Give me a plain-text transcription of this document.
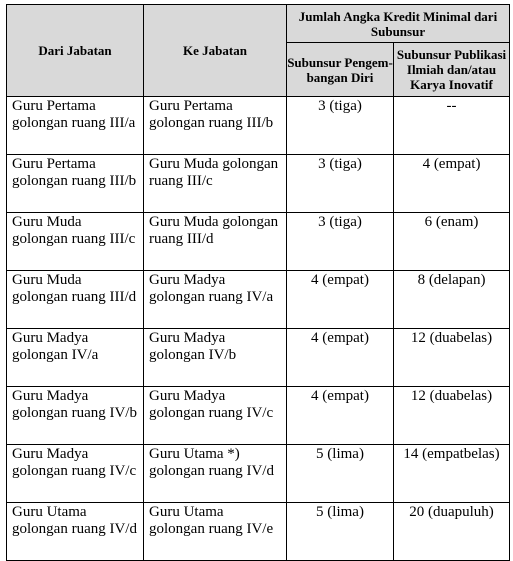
Dari Jabatan	Ke Jabatan	Jumlah Angka Kredit Minimal dari Subunsur	
		Subunsur Pengem-bangan Diri	Subunsur Publikasi Ilmiah dan/atau Karya Inovatif

Guru Pertama golongan ruang III/a	Guru Pertama golongan ruang III/b	3 (tiga)	--

Guru Pertama golongan ruang III/b	Guru Muda golongan ruang III/c	3 (tiga)	4 (empat)

Guru Muda golongan ruang III/c	Guru Muda golongan ruang III/d	3 (tiga)	6 (enam)

Guru Muda golongan ruang III/d	Guru Madya golongan ruang IV/a	4 (empat)	8 (delapan)

Guru Madya golongan IV/a	Guru Madya golongan IV/b	4 (empat)	12 (duabelas)

Guru Madya golongan ruang IV/b	Guru Madya golongan ruang IV/c	4 (empat)	12 (duabelas)

Guru Madya golongan ruang IV/c	Guru Utama *) golongan ruang IV/d	5 (lima)	14 (empatbelas)

Guru Utama golongan ruang IV/d	Guru Utama golongan ruang IV/e	5 (lima)	20 (duapuluh)
